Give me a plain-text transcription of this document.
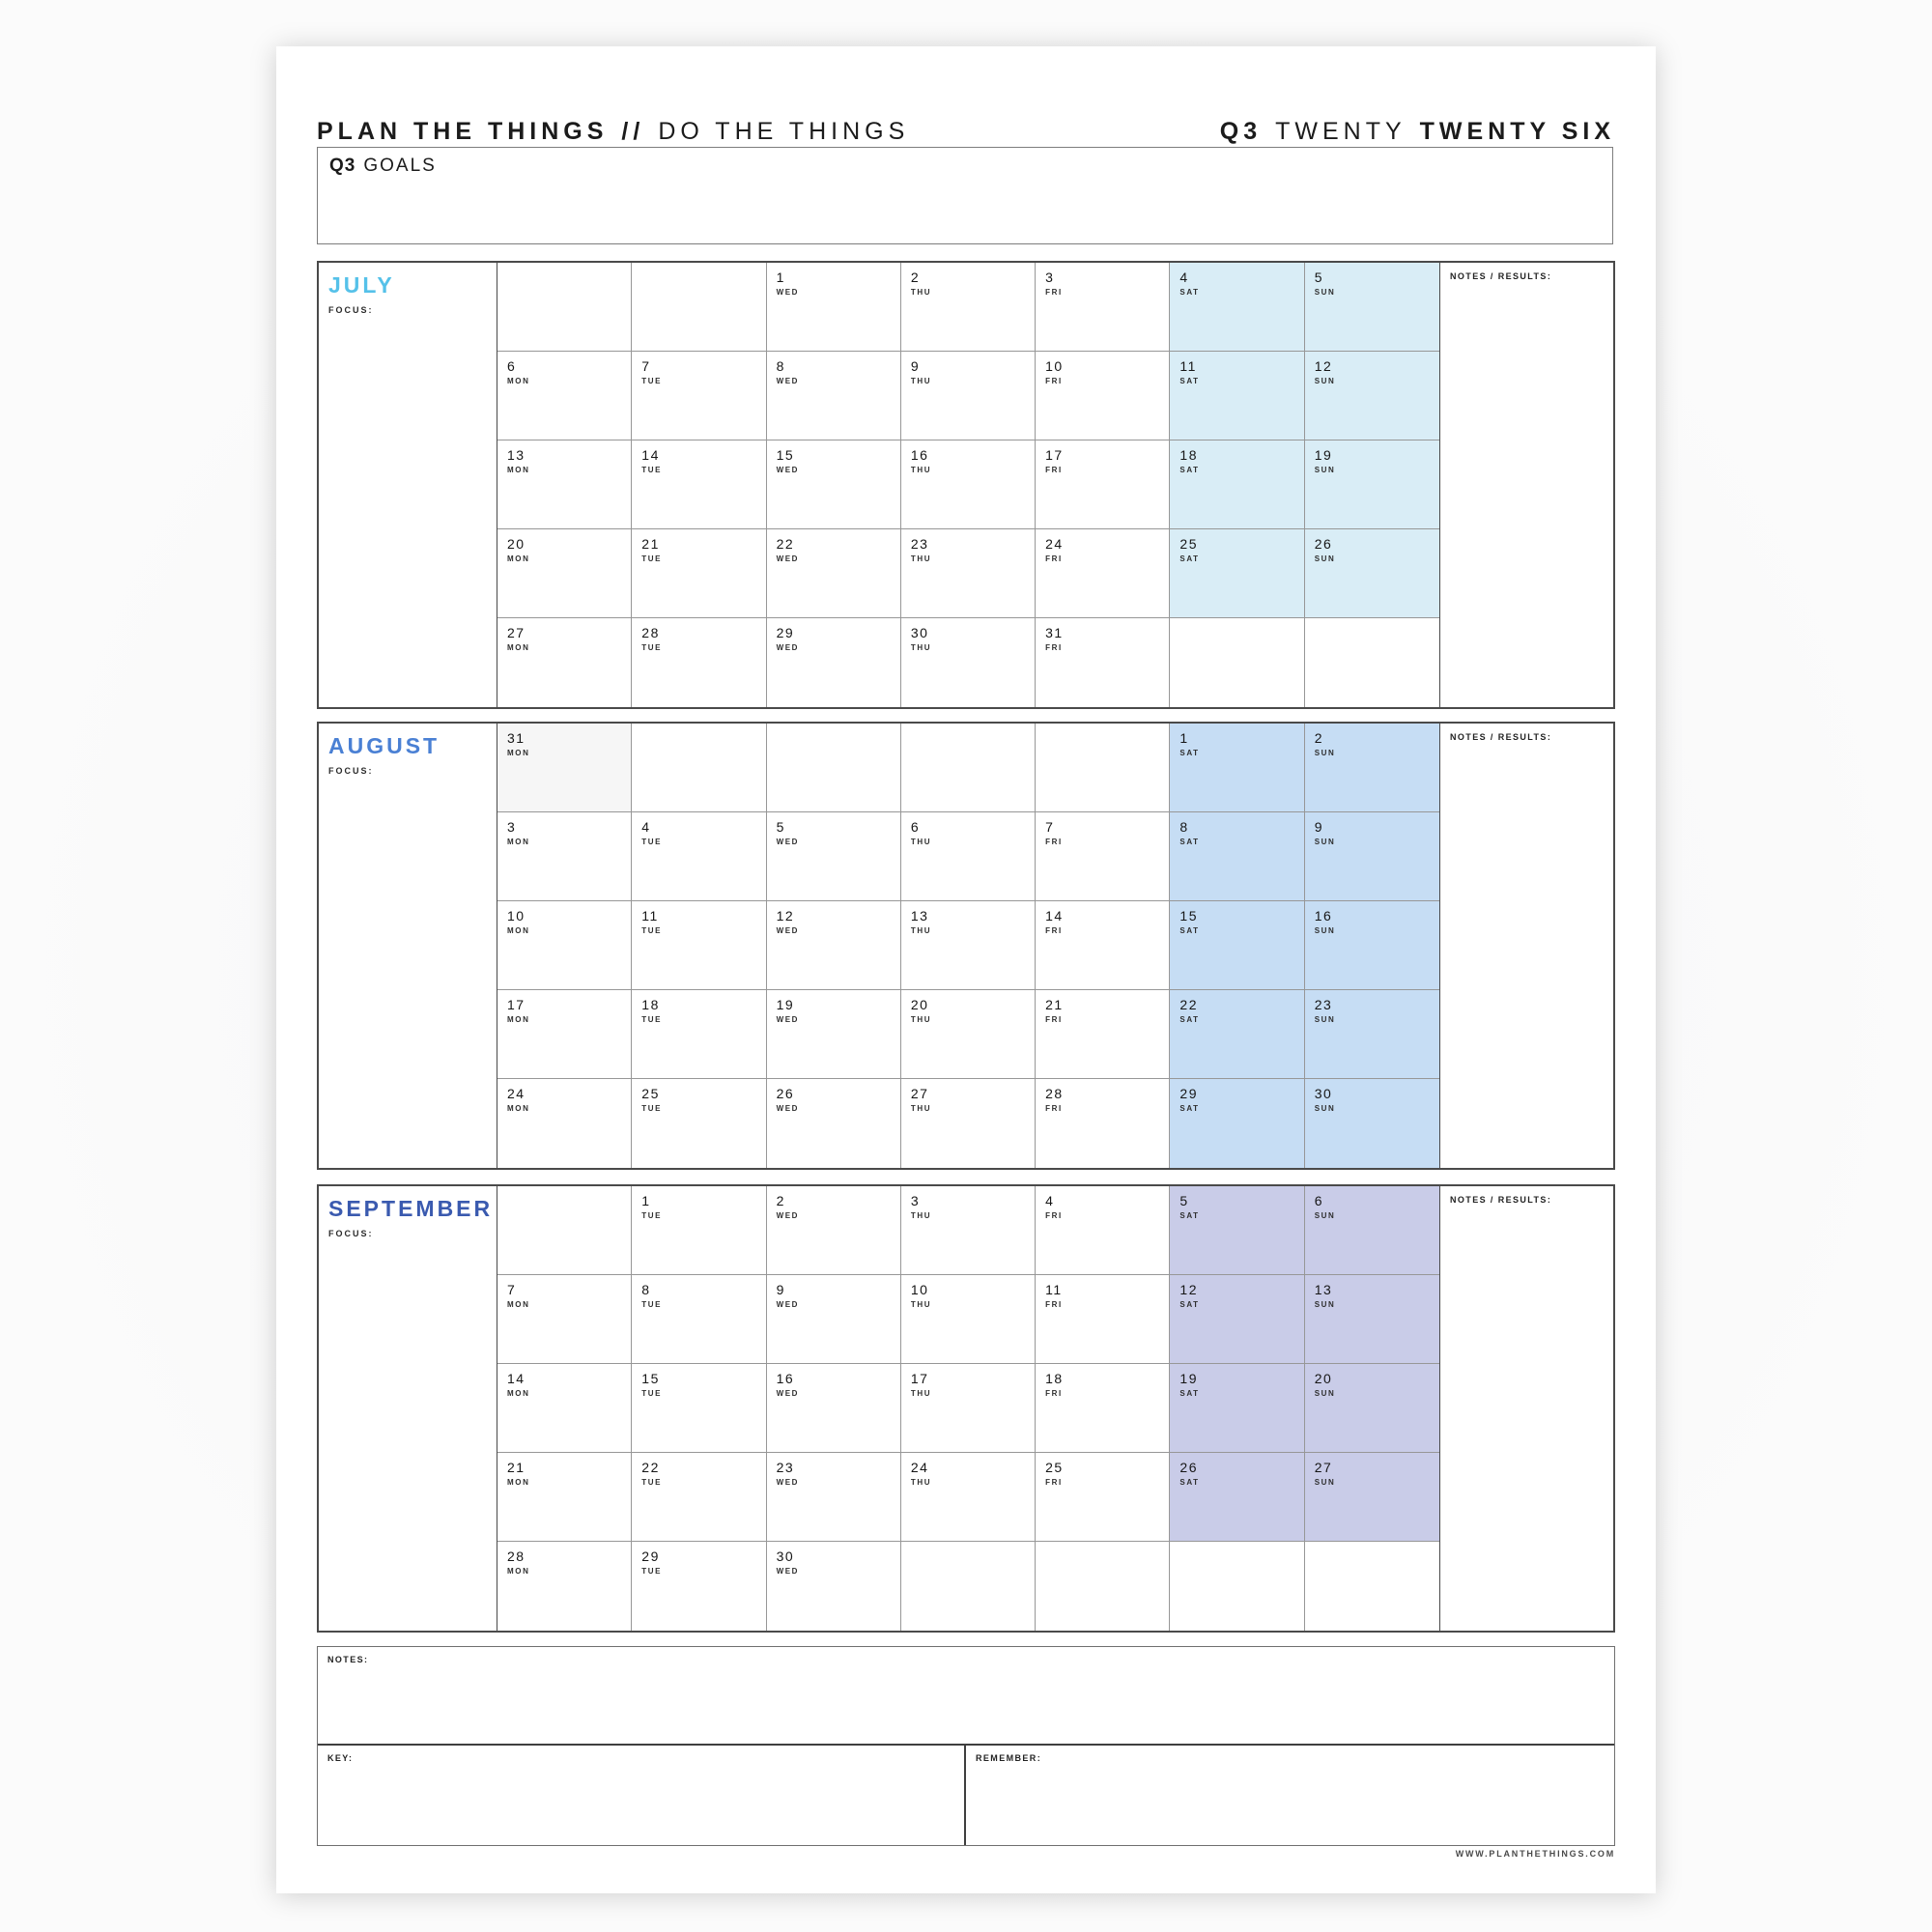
PLAN THE THINGS // DO THE THINGS	Q3 TWENTY TWENTY SIX
Q3 GOALS
JULY
FOCUS:
1
WED
2
THU
3
FRI
4
SAT
5
SUN
6
MON
7
TUE
8
WED
9
THU
10
FRI
11
SAT
12
SUN
13
MON
14
TUE
15
WED
16
THU
17
FRI
18
SAT
19
SUN
20
MON
21
TUE
22
WED
23
THU
24
FRI
25
SAT
26
SUN
27
MON
28
TUE
29
WED
30
THU
31
FRI
NOTES / RESULTS:
AUGUST
FOCUS:
31
MON
1
SAT
2
SUN
3
MON
4
TUE
5
WED
6
THU
7
FRI
8
SAT
9
SUN
10
MON
11
TUE
12
WED
13
THU
14
FRI
15
SAT
16
SUN
17
MON
18
TUE
19
WED
20
THU
21
FRI
22
SAT
23
SUN
24
MON
25
TUE
26
WED
27
THU
28
FRI
29
SAT
30
SUN
NOTES / RESULTS:
SEPTEMBER
FOCUS:
1
TUE
2
WED
3
THU
4
FRI
5
SAT
6
SUN
7
MON
8
TUE
9
WED
10
THU
11
FRI
12
SAT
13
SUN
14
MON
15
TUE
16
WED
17
THU
18
FRI
19
SAT
20
SUN
21
MON
22
TUE
23
WED
24
THU
25
FRI
26
SAT
27
SUN
28
MON
29
TUE
30
WED
NOTES / RESULTS:
NOTES:
KEY:	REMEMBER:
WWW.PLANTHETHINGS.COM
